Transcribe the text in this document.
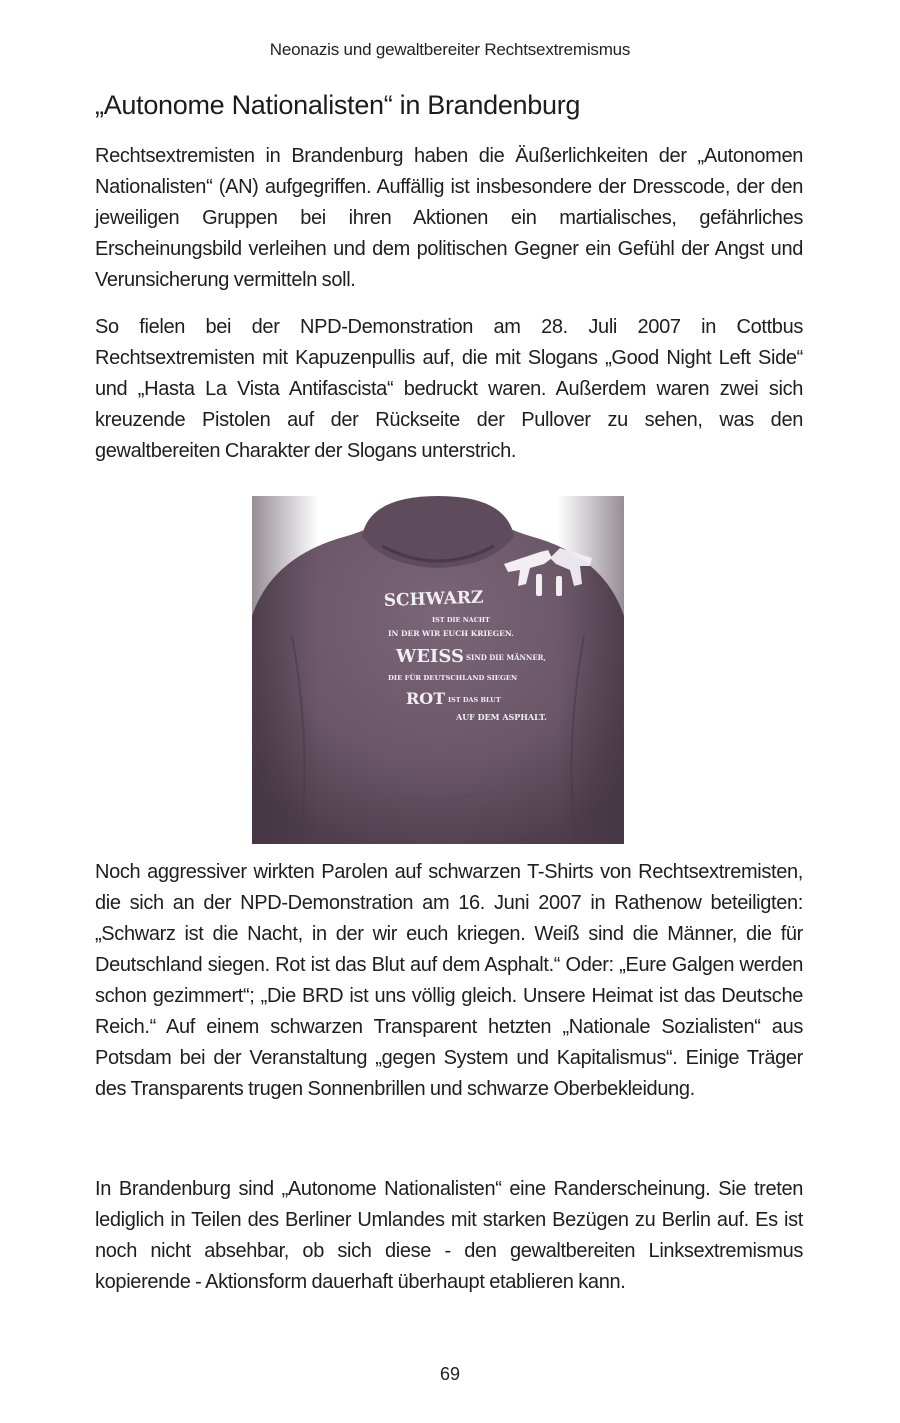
Neonazis und gewaltbereiter Rechtsextremismus
„Autonome Nationalisten“ in Brandenburg

Rechtsextremisten in Brandenburg haben die Äußerlichkeiten der „Autonomen Nationalisten“ (AN) aufgegriffen. Auffällig ist insbesondere der Dresscode, der den jeweiligen Gruppen bei ihren Aktionen ein martialisches, gefährliches Erscheinungsbild verleihen und dem politischen Gegner ein Gefühl der Angst und Verunsicherung vermitteln soll.

So fielen bei der NPD-Demonstration am 28. Juli 2007 in Cottbus Rechtsextremisten mit Kapuzenpullis auf, die mit Slogans „Good Night Left Side“ und „Hasta La Vista Antifascista“ bedruckt waren. Außerdem waren zwei sich kreuzende Pistolen auf der Rückseite der Pullover zu sehen, was den gewaltbereiten Charakter der Slogans unterstrich.

SCHWARZ
IST DIE NACHT
IN DER WIR EUCH KRIEGEN.
WEISS SIND DIE MÄNNER,
DIE FÜR DEUTSCHLAND SIEGEN
ROT IST DAS BLUT
AUF DEM ASPHALT.

Noch aggressiver wirkten Parolen auf schwarzen T-Shirts von Rechtsextremisten, die sich an der NPD-Demonstration am 16. Juni 2007 in Rathenow beteiligten: „Schwarz ist die Nacht, in der wir euch kriegen. Weiß sind die Männer, die für Deutschland siegen. Rot ist das Blut auf dem Asphalt.“ Oder: „Eure Galgen werden schon gezimmert“; „Die BRD ist uns völlig gleich. Unsere Heimat ist das Deutsche Reich.“ Auf einem schwarzen Transparent hetzten „Nationale Sozialisten“ aus Potsdam bei der Veranstaltung „gegen System und Kapitalismus“. Einige Träger des Transparents trugen Sonnenbrillen und schwarze Oberbekleidung.

In Brandenburg sind „Autonome Nationalisten“ eine Randerscheinung. Sie treten lediglich in Teilen des Berliner Umlandes mit starken Bezügen zu Berlin auf. Es ist noch nicht absehbar, ob sich diese - den gewaltbereiten Linksextremismus kopierende - Aktionsform dauerhaft überhaupt etablieren kann.

69
